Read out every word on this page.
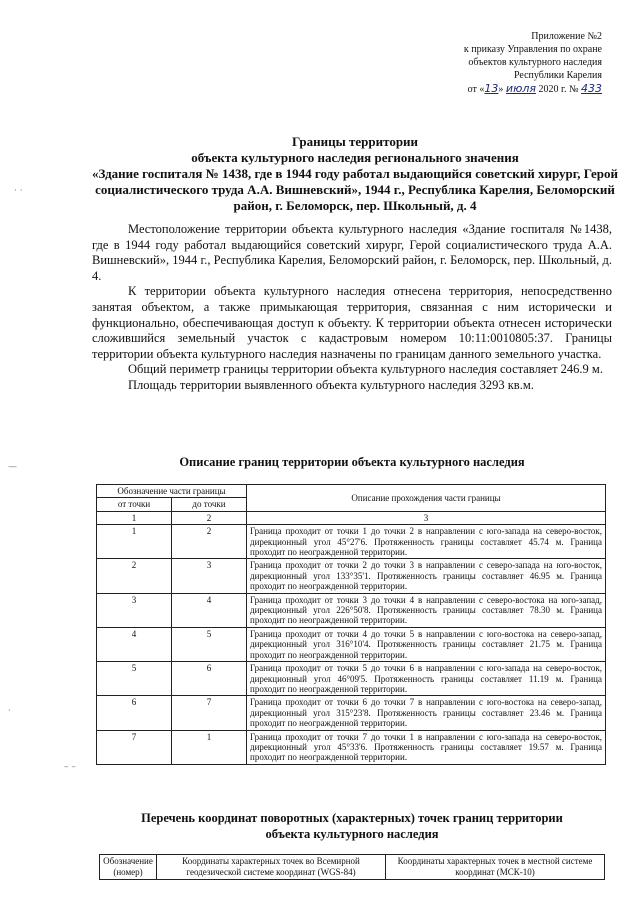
Приложение №2
к приказу Управления по охране
объектов культурного наследия
Республики Карелия
от «13» июля 2020 г. № 433
Границы территории
объекта культурного наследия регионального значения
«Здание госпиталя № 1438, где в 1944 году работал выдающийся советский хирург, Герой социалистического труда А.А. Вишневский», 1944 г., Республика Карелия, Беломорский район, г. Беломорск, пер. Школьный, д. 4

Местоположение территории объекта культурного наследия «Здание госпиталя №1438, где в 1944 году работал выдающийся советский хирург, Герой социалистического труда А.А. Вишневский», 1944 г., Республика Карелия, Беломорский район, г. Беломорск, пер. Школьный, д. 4.

К территории объекта культурного наследия отнесена территория, непосредственно занятая объектом, а также примыкающая территория, связанная с ним исторически и функционально, обеспечивающая доступ к объекту. К территории объекта отнесен исторически сложившийся земельный участок с кадастровым номером 10:11:0010805:37. Границы территории объекта культурного наследия назначены по границам данного земельного участка.

Общий периметр границы территории объекта культурного наследия составляет 246.9 м.

Площадь территории выявленного объекта культурного наследия 3293 кв.м.

Описание границ территории объекта культурного наследия
Обозначение части границы		Описание прохождения части границы
от точки	до точки	
1	2	3
1	2	Граница проходит от точки 1 до точки 2 в направлении с юго-запада на северо-восток, дирекционный угол 45°27'6. Протяженность границы составляет 45.74 м. Граница проходит по неогражденной территории.
2	3	Граница проходит от точки 2 до точки 3 в направлении с северо-запада на юго-восток, дирекционный угол 133°35'1. Протяженность границы составляет 46.95 м. Граница проходит по неогражденной территории.
3	4	Граница проходит от точки 3 до точки 4 в направлении с северо-востока на юго-запад, дирекционный угол 226°50'8. Протяженность границы составляет 78.30 м. Граница проходит по неогражденной территории.
4	5	Граница проходит от точки 4 до точки 5 в направлении с юго-востока на северо-запад, дирекционный угол 316°10'4. Протяженность границы составляет 21.75 м. Граница проходит по неогражденной территории.
5	6	Граница проходит от точки 5 до точки 6 в направлении с юго-запада на северо-восток, дирекционный угол 46°09'5. Протяженность границы составляет 11.19 м. Граница проходит по неогражденной территории.
6	7	Граница проходит от точки 6 до точки 7 в направлении с юго-востока на северо-запад, дирекционный угол 315°23'8. Протяженность границы составляет 23.46 м. Граница проходит по неогражденной территории.
7	1	Граница проходит от точки 7 до точки 1 в направлении с юго-запада на северо-восток, дирекционный угол 45°33'6. Протяженность границы составляет 19.57 м. Граница проходит по неогражденной территории.
Перечень координат поворотных (характерных) точек границ территории
объекта культурного наследия
Обозначение (номер)	Координаты характерных точек во Всемирной геодезической системе координат (WGS-84)	Координаты характерных точек в местной системе координат (МСК-10)
· ·
—
– –
·
